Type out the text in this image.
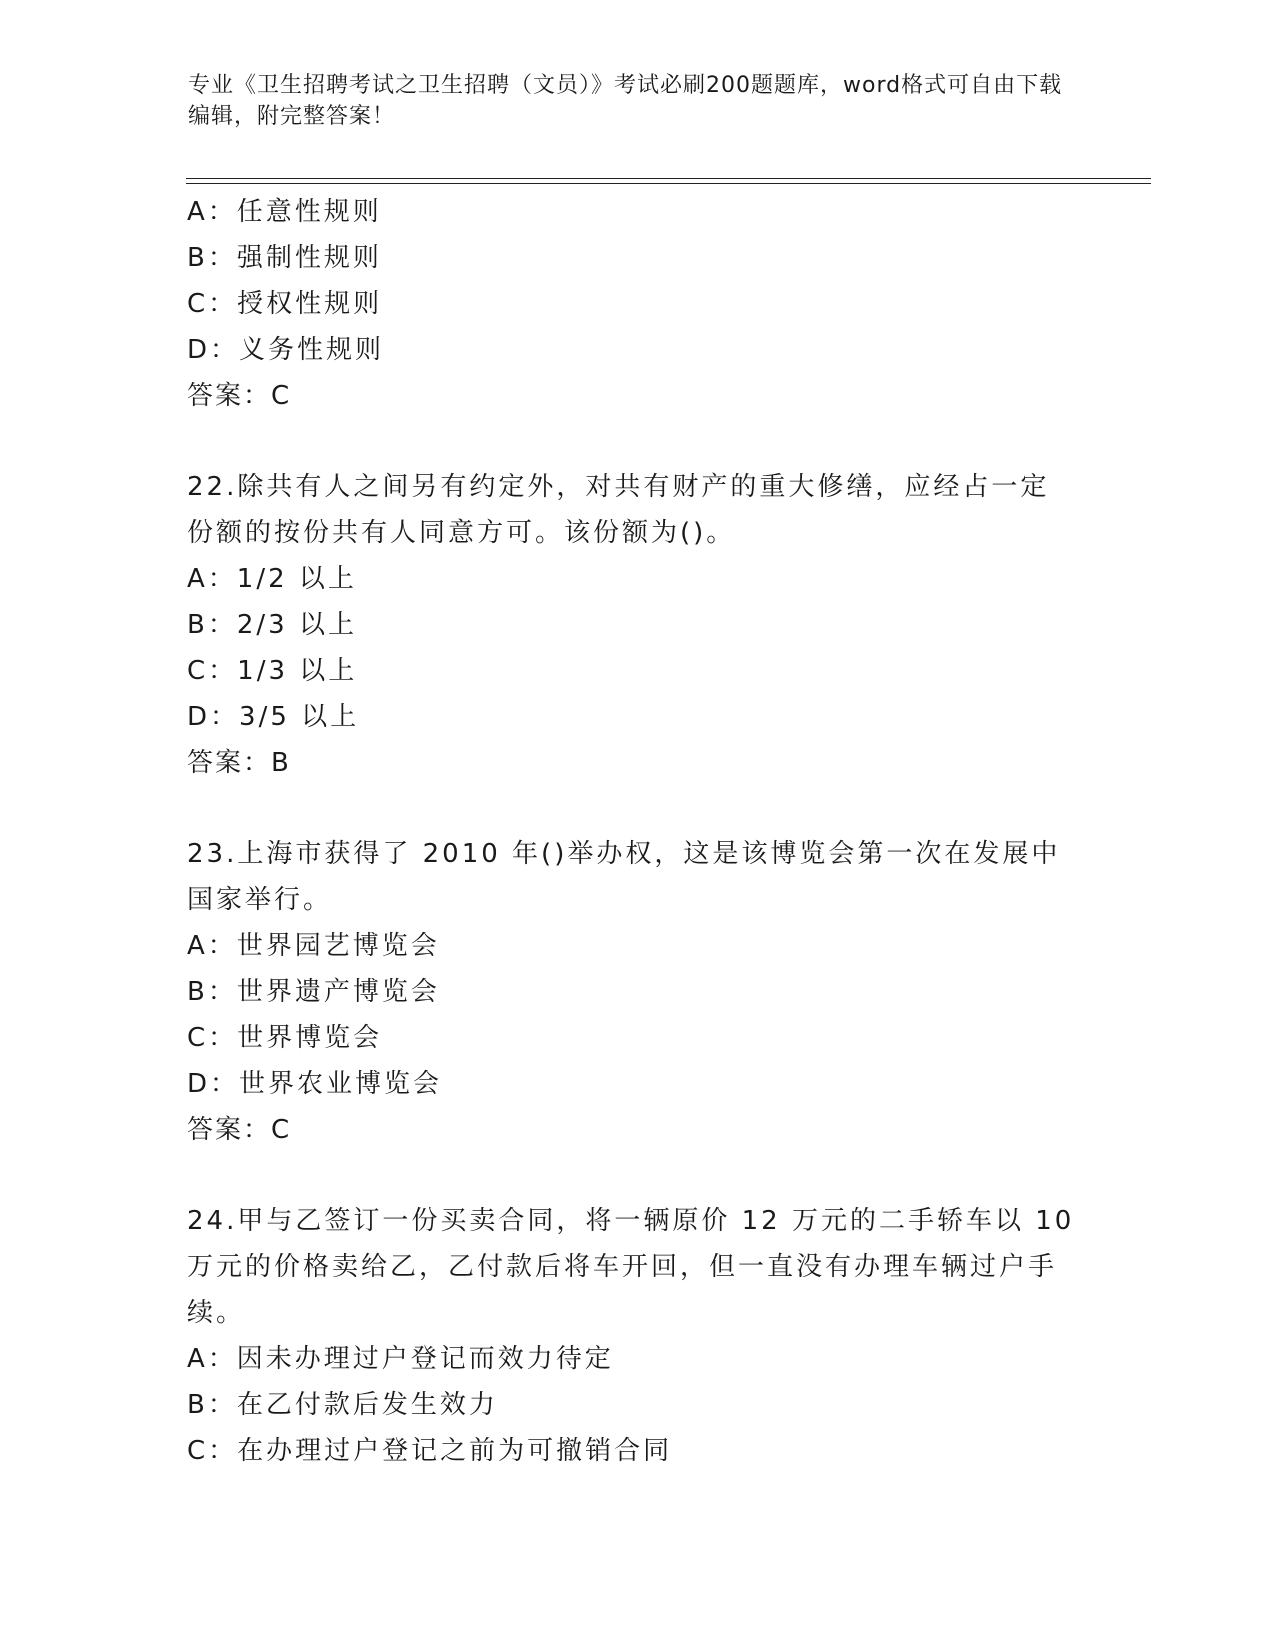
专业《卫生招聘考试之卫生招聘（文员）》考试必刷200题题库，word格式可自由下载编辑，附完整答案！
A：任意性规则
B：强制性规则
C：授权性规则
D：义务性规则
答案：C
22.除共有人之间另有约定外，对共有财产的重大修缮，应经占一定份额的按份共有人同意方可。该份额为()。
A：1/2 以上
B：2/3 以上
C：1/3 以上
D：3/5 以上
答案：B
23.上海市获得了 2010 年()举办权，这是该博览会第一次在发展中国家举行。
A：世界园艺博览会
B：世界遗产博览会
C：世界博览会
D：世界农业博览会
答案：C
24.甲与乙签订一份买卖合同，将一辆原价 12 万元的二手轿车以 10 万元的价格卖给乙，乙付款后将车开回，但一直没有办理车辆过户手续。
A：因未办理过户登记而效力待定
B：在乙付款后发生效力
C：在办理过户登记之前为可撤销合同
